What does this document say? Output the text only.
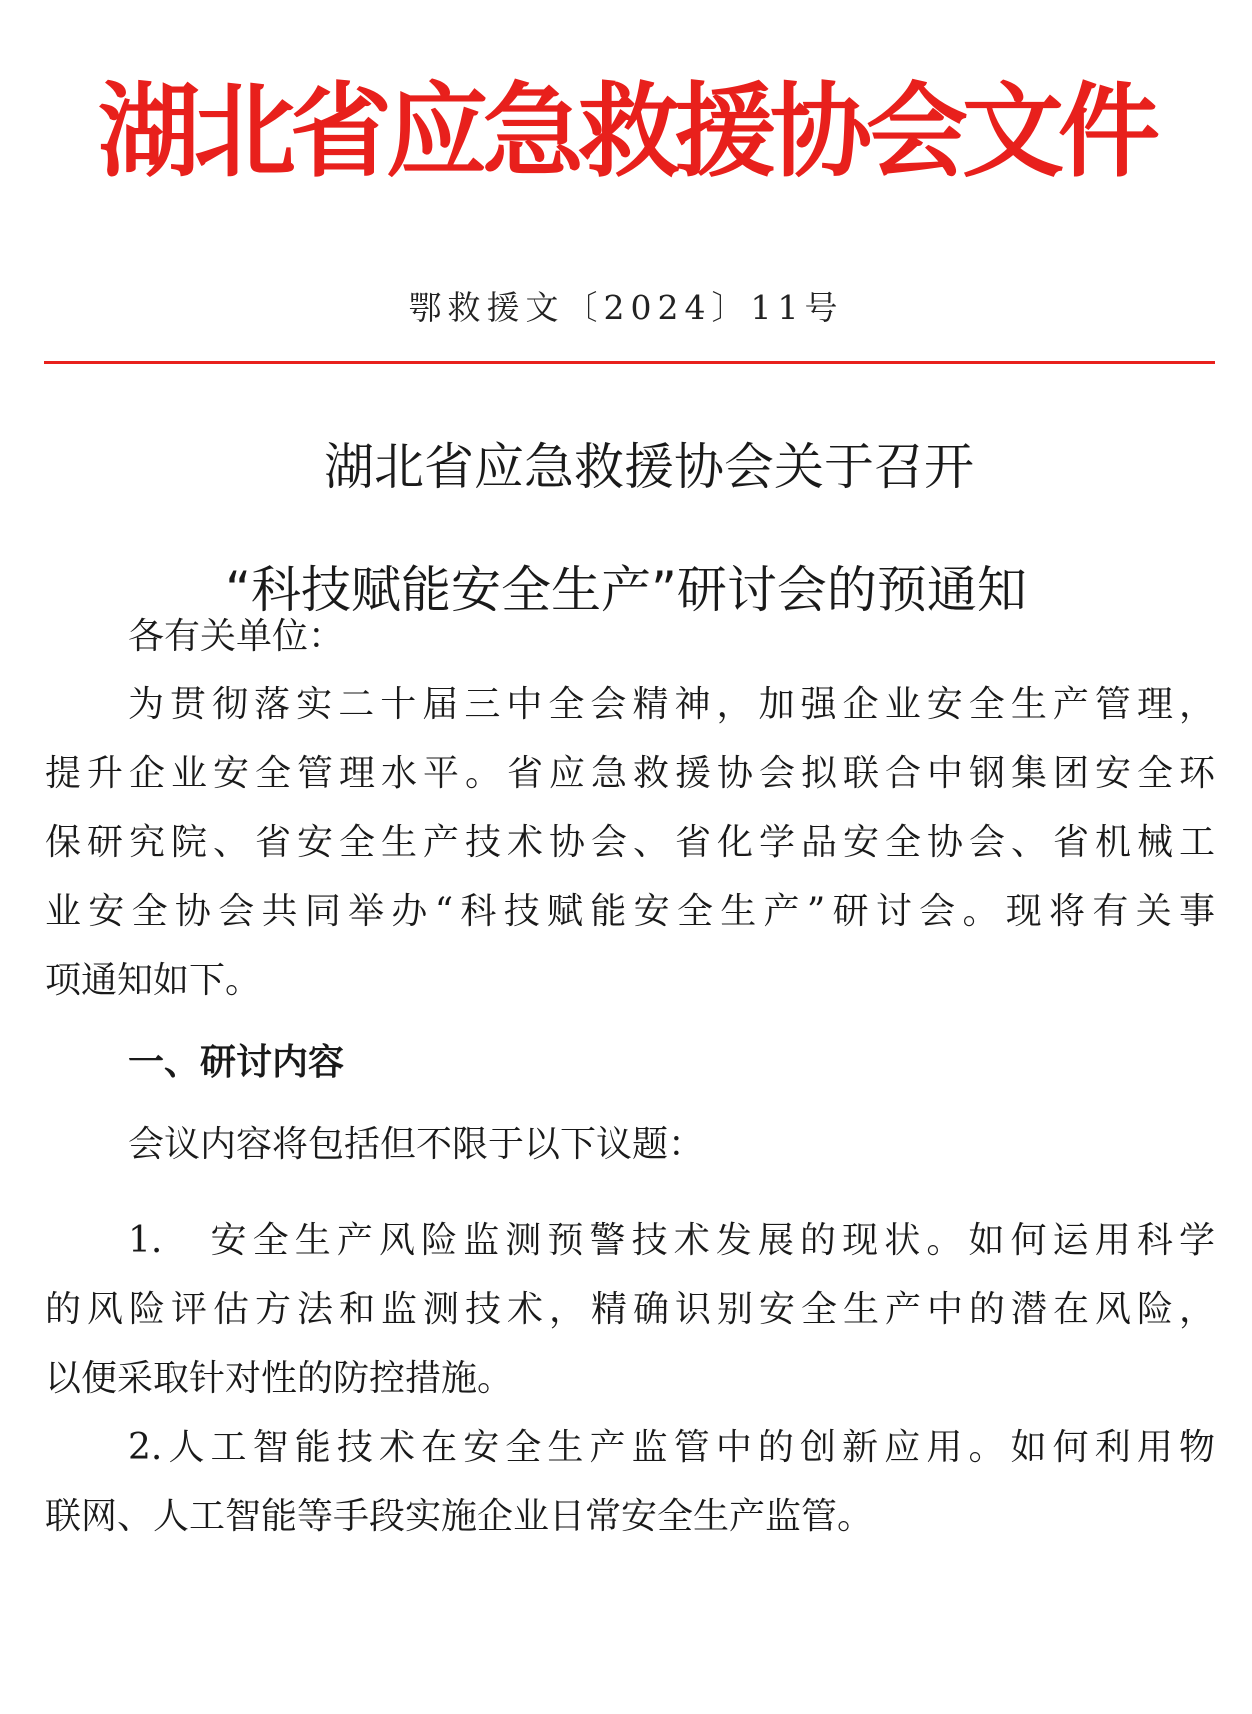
湖北省应急救援协会文件
鄂救援文〔2024〕11号
湖北省应急救援协会关于召开
“科技赋能安全生产”研讨会的预通知
各有关单位：
为贯彻落实二十届三中全会精神，加强企业安全生产管理，
提升企业安全管理水平。省应急救援协会拟联合中钢集团安全环
保研究院、省安全生产技术协会、省化学品安全协会、省机械工
业安全协会共同举办“科技赋能安全生产”研讨会。现将有关事
项通知如下。
一、研讨内容
会议内容将包括但不限于以下议题：
1.　安全生产风险监测预警技术发展的现状。如何运用科学
的风险评估方法和监测技术，精确识别安全生产中的潜在风险，
以便采取针对性的防控措施。
2.人工智能技术在安全生产监管中的创新应用。如何利用物
联网、人工智能等手段实施企业日常安全生产监管。
